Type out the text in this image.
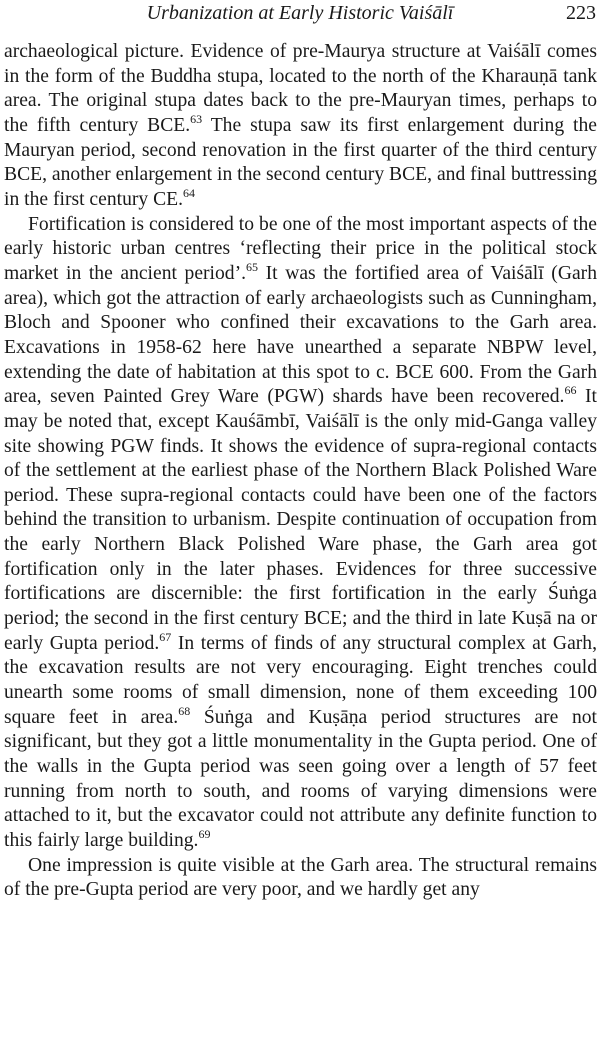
Urbanization at Early Historic Vaiśālī	223

archaeological picture. Evidence of pre-Maurya structure at Vaiśālī comes in the form of the Buddha stupa, located to the north of the Kharauṇā tank area. The original stupa dates back to the pre-Mauryan times, perhaps to the fifth century BCE.$^{63}$ The stupa saw its first enlargement during the Mauryan period, second renovation in the first quarter of the third century BCE, another enlargement in the second century BCE, and final buttressing in the first century CE.$^{64}$

Fortification is considered to be one of the most important aspects of the early historic urban centres ‘reflecting their price in the political stock market in the ancient period’.$^{65}$ It was the fortified area of Vaiśālī (Garh area), which got the attraction of early archaeologists such as Cunningham, Bloch and Spooner who confined their excavations to the Garh area. Excavations in 1958-62 here have unearthed a separate NBPW level, extending the date of habitation at this spot to c. BCE 600. From the Garh area, seven Painted Grey Ware (PGW) shards have been recovered.$^{66}$ It may be noted that, except Kauśāmbī, Vaiśālī is the only mid-Ganga valley site showing PGW finds. It shows the evidence of supra-regional contacts of the settlement at the earliest phase of the Northern Black Polished Ware period. These supra-regional contacts could have been one of the factors behind the transition to urbanism. Despite continuation of occupation from the early Northern Black Polished Ware phase, the Garh area got fortification only in the later phases. Evidences for three successive fortifications are discernible: the first fortification in the early Śuṅga period; the second in the first century BCE; and the third in late Kuṣā na or early Gupta period.$^{67}$ In terms of finds of any structural complex at Garh, the excavation results are not very encouraging. Eight trenches could unearth some rooms of small dimension, none of them exceeding 100 square feet in area.$^{68}$ Śuṅga and Kuṣāṇa period structures are not significant, but they got a little monumentality in the Gupta period. One of the walls in the Gupta period was seen going over a length of 57 feet running from north to south, and rooms of varying dimensions were attached to it, but the excavator could not attribute any definite function to this fairly large building.$^{69}$

One impression is quite visible at the Garh area. The structural remains of the pre-Gupta period are very poor, and we hardly get any
